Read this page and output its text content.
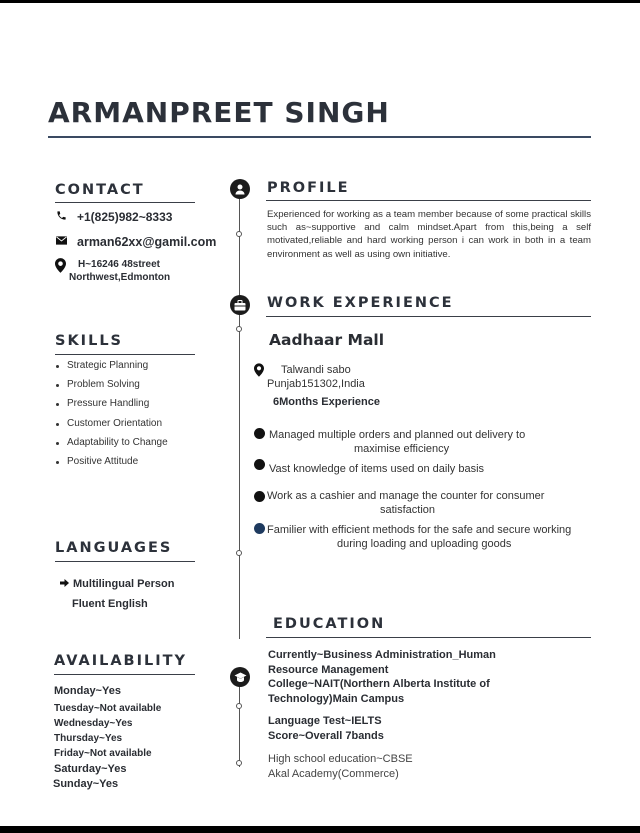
ARMANPREET SINGH
CONTACT
+1(825)982~8333
arman62xx@gamil.com
H~16246 48street
Northwest,Edmonton
SKILLS
Strategic Planning
Problem Solving
Pressure Handling
Customer Orientation
Adaptability to Change
Positive Attitude
LANGUAGES
Multilingual Person
Fluent English
AVAILABILITY
Monday~Yes
Tuesday~Not available
Wednesday~Yes
Thursday~Yes
Friday~Not available
Saturday~Yes
Sunday~Yes
PROFILE
Experienced for working as a team member because of some practical skills such as~supportive and calm mindset.Apart from this,being a self motivated,reliable and hard working person i can work in both in a team environment as well as using own initiative.
WORK EXPERIENCE
Aadhaar Mall
Talwandi sabo
Punjab151302,India
6Months Experience
Managed multiple orders and planned out delivery to
maximise efficiency
Vast knowledge of items used on daily basis
Work as a cashier and manage the counter for consumer
satisfaction
Familier with efficient methods for the safe and secure working
during loading and uploading goods
EDUCATION
Currently~Business Administration_Human
Resource Management
College~NAIT(Northern Alberta Institute of
Technology)Main Campus
Language Test~IELTS
Score~Overall 7bands
High school education~CBSE
Akal Academy(Commerce)
